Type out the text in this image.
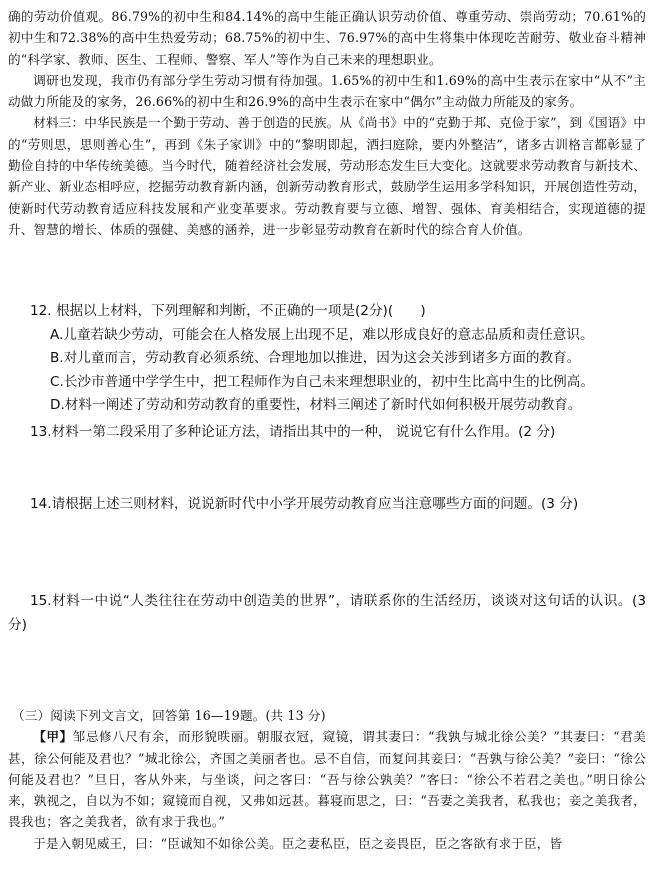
确的劳动价值观。86.79%的初中生和84.14%的高中生能正确认识劳动价值、尊重劳动、崇尚劳动；70.61%的初中生和72.38%的高中生热爱劳动；68.75%的初中生、76.97%的高中生将集中体现吃苦耐劳、敬业奋斗精神的“科学家、教师、医生、工程师、警察、军人”等作为自己未来的理想职业。

调研也发现，我市仍有部分学生劳动习惯有待加强。1.65%的初中生和1.69%的高中生表示在家中“从不”主动做力所能及的家务，26.66%的初中生和26.9%的高中生表示在家中“偶尔”主动做力所能及的家务。

材料三：中华民族是一个勤于劳动、善于创造的民族。从《尚书》中的“克勤于邦、克俭于家”，到《国语》中的“劳则思，思则善心生”，再到《朱子家训》中的“黎明即起，洒扫庭除，要内外整洁”，诸多古训格言都彰显了勤俭自持的中华传统美德。当今时代，随着经济社会发展，劳动形态发生巨大变化。这就要求劳动教育与新技术、新产业、新业态相呼应，挖掘劳动教育新内涵，创新劳动教育形式，鼓励学生运用多学科知识，开展创造性劳动，使新时代劳动教育适应科技发展和产业变革要求。劳动教育要与立德、增智、强体、育美相结合，实现道德的提升、智慧的增长、体质的强健、美感的涵养，进一步彰显劳动教育在新时代的综合育人价值。

12. 根据以上材料，下列理解和判断，不正确的一项是(2分)(　　)

A.儿童若缺少劳动，可能会在人格发展上出现不足，难以形成良好的意志品质和责任意识。

B.对儿童而言，劳动教育必须系统、合理地加以推进，因为这会关涉到诸多方面的教育。

C.长沙市普通中学学生中，把工程师作为自己未来理想职业的，初中生比高中生的比例高。

D.材料一阐述了劳动和劳动教育的重要性，材料三阐述了新时代如何积极开展劳动教育。

13.材料一第二段采用了多种论证方法，请指出其中的一种， 说说它有什么作用。(2 分)

14.请根据上述三则材料，说说新时代中小学开展劳动教育应当注意哪些方面的问题。(3 分)

15.材料一中说“人类往往在劳动中创造美的世界”，请联系你的生活经历，谈谈对这句话的认识。(3 分)

（三）阅读下列文言文，回答第 16—19题。(共 13 分)

【甲】邹忌修八尺有余，而形貌昳丽。朝服衣冠，窥镜，谓其妻曰：“我孰与城北徐公美？”其妻曰：“君美甚，徐公何能及君也？”城北徐公，齐国之美丽者也。忌不自信，而复问其妾曰：“吾孰与徐公美？”妾曰：“徐公何能及君也？”旦日，客从外来，与坐谈，问之客曰：“吾与徐公孰美？”客曰：“徐公不若君之美也。”明日徐公来，孰视之，自以为不如；窥镜而自视，又弗如远甚。暮寝而思之，曰：“吾妻之美我者，私我也；妾之美我者，畏我也；客之美我者，欲有求于我也。”

于是入朝见威王，曰：“臣诚知不如徐公美。臣之妻私臣，臣之妾畏臣，臣之客欲有求于臣，皆
